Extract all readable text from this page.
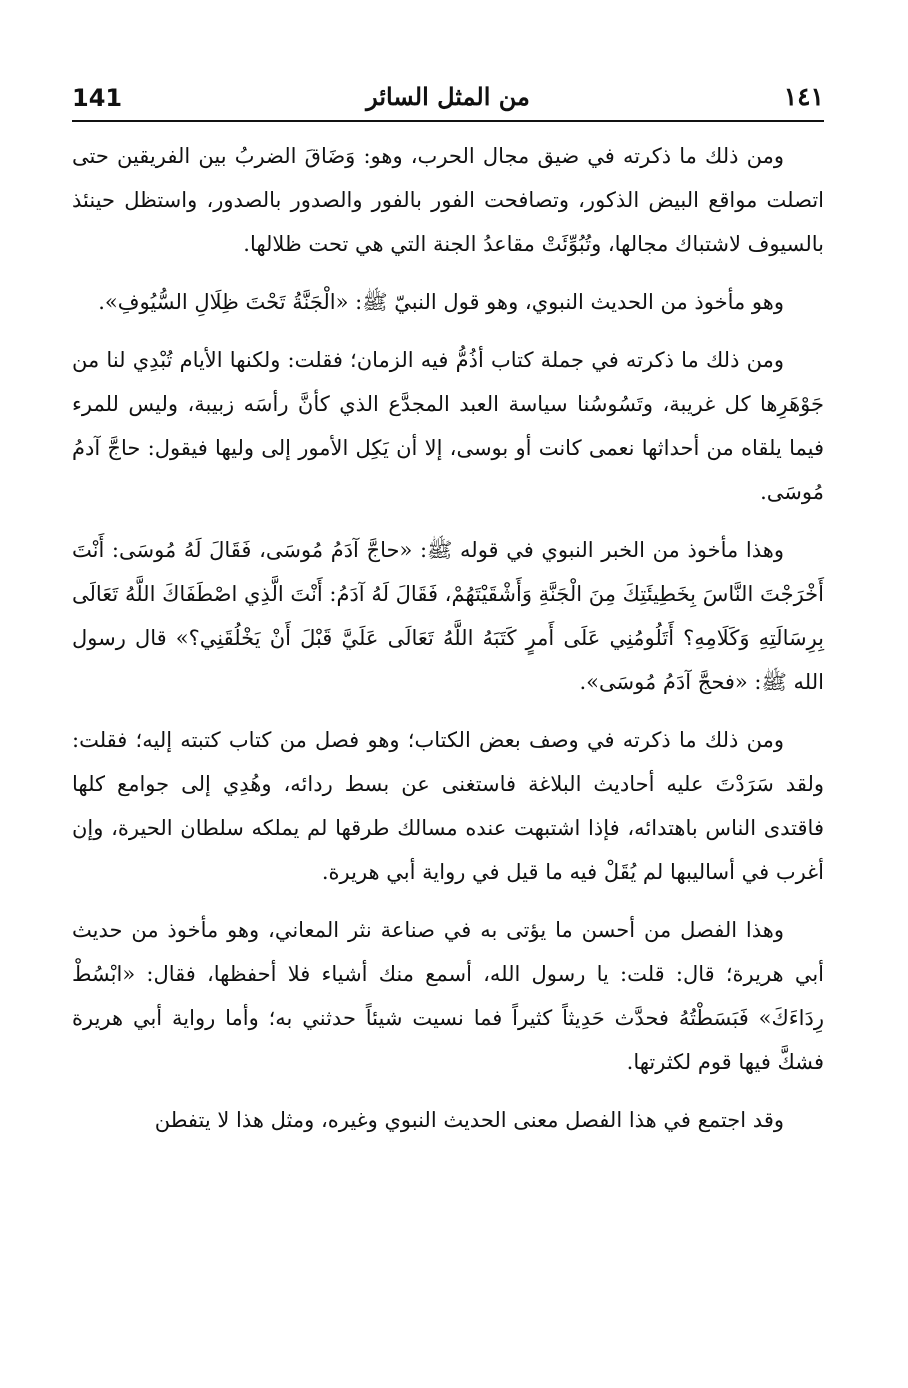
141	من المثل السائر	١٤١

ومن ذلك ما ذكرته في ضيق مجال الحرب، وهو: وَضَاقَ الضربُ بين الفريقين حتى اتصلت مواقع البيض الذكور، وتصافحت الفور بالفور والصدور بالصدور، واستظل حينئذ بالسيوف لاشتباك مجالها، وتُبُوِّئَتْ مقاعدُ الجنة التي هي تحت ظلالها.

وهو مأخوذ من الحديث النبوي، وهو قول النبيّ ﷺ: «الْجَنَّةُ تَحْتَ ظِلَالِ السُّيُوفِ».

ومن ذلك ما ذكرته في جملة كتاب أذُمُّ فيه الزمان؛ فقلت: ولكنها الأيام تُبْدِي لنا من جَوْهَرِها كل غريبة، وتَسُوسُنا سياسة العبد المجدَّع الذي كأنَّ رأسَه زبيبة، وليس للمرء فيما يلقاه من أحداثها نعمى كانت أو بوسى، إلا أن يَكِل الأمور إلى وليها فيقول: حاجَّ آدمُ مُوسَى.

وهذا مأخوذ من الخبر النبوي في قوله ﷺ: «حاجَّ آدَمُ مُوسَى، فَقَالَ لَهُ مُوسَى: أَنْتَ أَخْرَجْتَ النَّاسَ بِخَطِيئَتِكَ مِنَ الْجَنَّةِ وَأَشْقَيْتَهُمْ، فَقَالَ لَهُ آدَمُ: أَنْتَ الَّذِي اصْطَفَاكَ اللَّهُ تَعَالَى بِرِسَالَتِهِ وَكَلَامِهِ؟ أَتَلُومُنِي عَلَى أَمرٍ كَتَبَهُ اللَّهُ تَعَالَى عَلَيَّ قَبْلَ أَنْ يَخْلُقَنِي؟» قال رسول الله ﷺ: «فحجَّ آدَمُ مُوسَى».

ومن ذلك ما ذكرته في وصف بعض الكتاب؛ وهو فصل من كتاب كتبته إليه؛ فقلت: ولقد سَرَدْتَ عليه أحاديث البلاغة فاستغنى عن بسط ردائه، وهُدِي إلى جوامع كلها فاقتدى الناس باهتدائه، فإذا اشتبهت عنده مسالك طرقها لم يملكه سلطان الحيرة، وإن أغرب في أساليبها لم يُقَلْ فيه ما قيل في رواية أبي هريرة.

وهذا الفصل من أحسن ما يؤتى به في صناعة نثر المعاني، وهو مأخوذ من حديث أبي هريرة؛ قال: قلت: يا رسول الله، أسمع منك أشياء فلا أحفظها، فقال: «ابْسُطْ رِدَاءَكَ» فَبَسَطْتُهُ فحدَّث حَدِيثاً كثيراً فما نسيت شيئاً حدثني به؛ وأما رواية أبي هريرة فشكَّ فيها قوم لكثرتها.

وقد اجتمع في هذا الفصل معنى الحديث النبوي وغيره، ومثل هذا لا يتفطن
